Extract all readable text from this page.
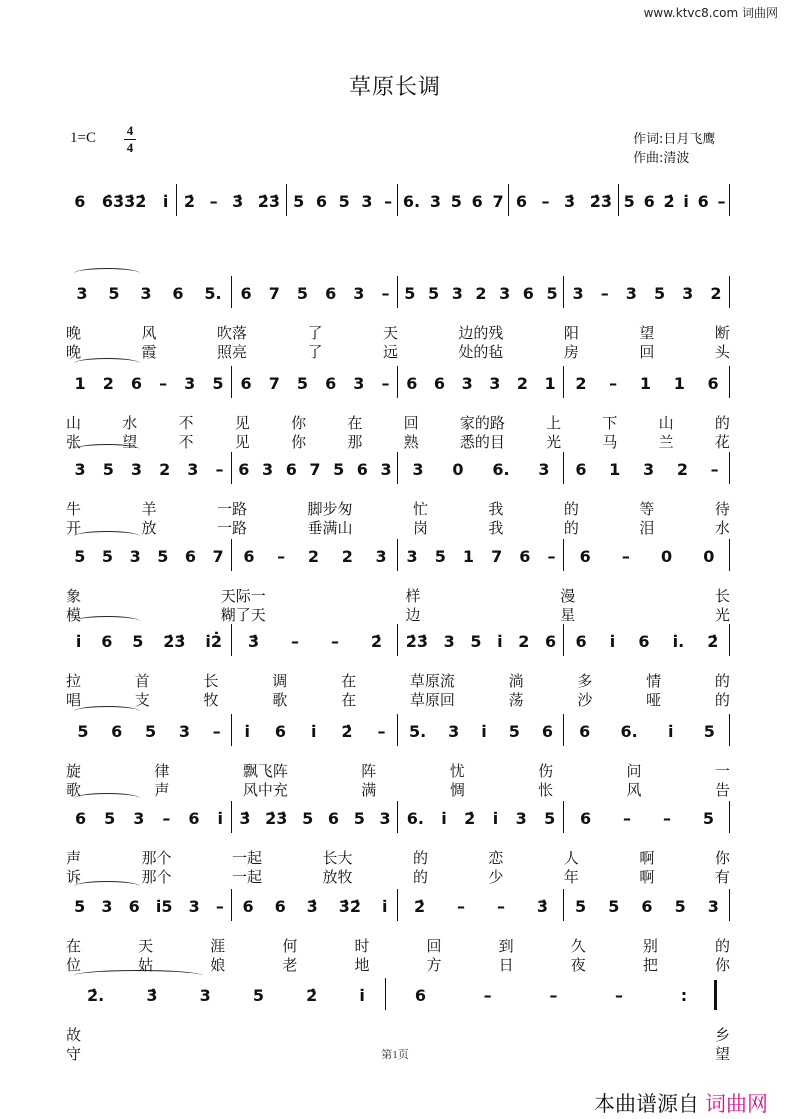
www.ktvc8.com 词曲网
草原长调
1=C 4
4
作词:日月飞鹰
作曲:清波
6 6̇3̇3̇2̇ i̇ 2̇ – 3̇ 2̇3̇ 5 6 5 3 – 6. 3 5 6 7 6 – 3̇ 2̇3̇ 5 6 2̇ i̇ 6 –
3 5 3 6 5. 6 7 5 6 3 – 5 5 3 2 3 6 5 3 – 3 5 3 2
晚	风	吹落	了	天	边的残	阳	望	断
晚	霞	照亮	了	远	处的毡	房	回	头
1 2 6 – 3 5 6 7 5 6 3 – 6 6 3 3 2 1 2 – 1 1 6
山	水	不	见	你	在	回	家的路	上	下	山	的
张	望	不	见	你	那	熟	悉的目	光	马	兰	花
3 5 3 2 3 – 6 3 6 7 5 6 3 3 0 6. 3 6 1 3 2 –
牛	羊	一路	脚步匆	忙	我	的	等	待
开	放	一路	垂满山	岗	我	的	泪	水
5 5 3 5 6 7 6 – 2 2 3 3 5 1 7 6 – 6 – 0 0
象	天际一	样	漫	长
模	糊了天	边	星	光
i̇ 6 5 2̇3̇ i̇2̇ 3̇ – – 2̇ 2̇3̇ 3 5 i̇ 2 6 6 i̇ 6 i̇. 2̇
拉	首	长	调	在	草原流	淌	多	情	的
唱	支	牧	歌	在	草原回	荡	沙	哑	的
5 6 5 3 – i̇ 6 i̇ 2̇ – 5. 3 i̇ 5 6 6 6. i̇ 5
旋	律	飘飞阵	阵	忧	伤	问	一
歌	声	风中充	满	惆	怅	风	告
6 5 3 – 6 i̇ 3̇ 2̇3̇ 5 6 5 3 6. i̇ 2̇ i̇ 3 5 6 – – 5
声	那个	一起	长大	的	恋	人	啊	你
诉	那个	一起	放牧	的	少	年	啊	有
5 3 6 i̇5 3 – 6 6 3̇ 3̇2̇ i̇ 2̇ – – 3̇ 5 5 6 5 3
在	天	涯	何	时	回	到	久	别	的
位	姑	娘	老	地	方	日	夜	把	你
2̇.	3̇	3	5	2̇	i̇	6	–	–	–	:
故	乡
守	望
第1页
本曲谱源自 词曲网
